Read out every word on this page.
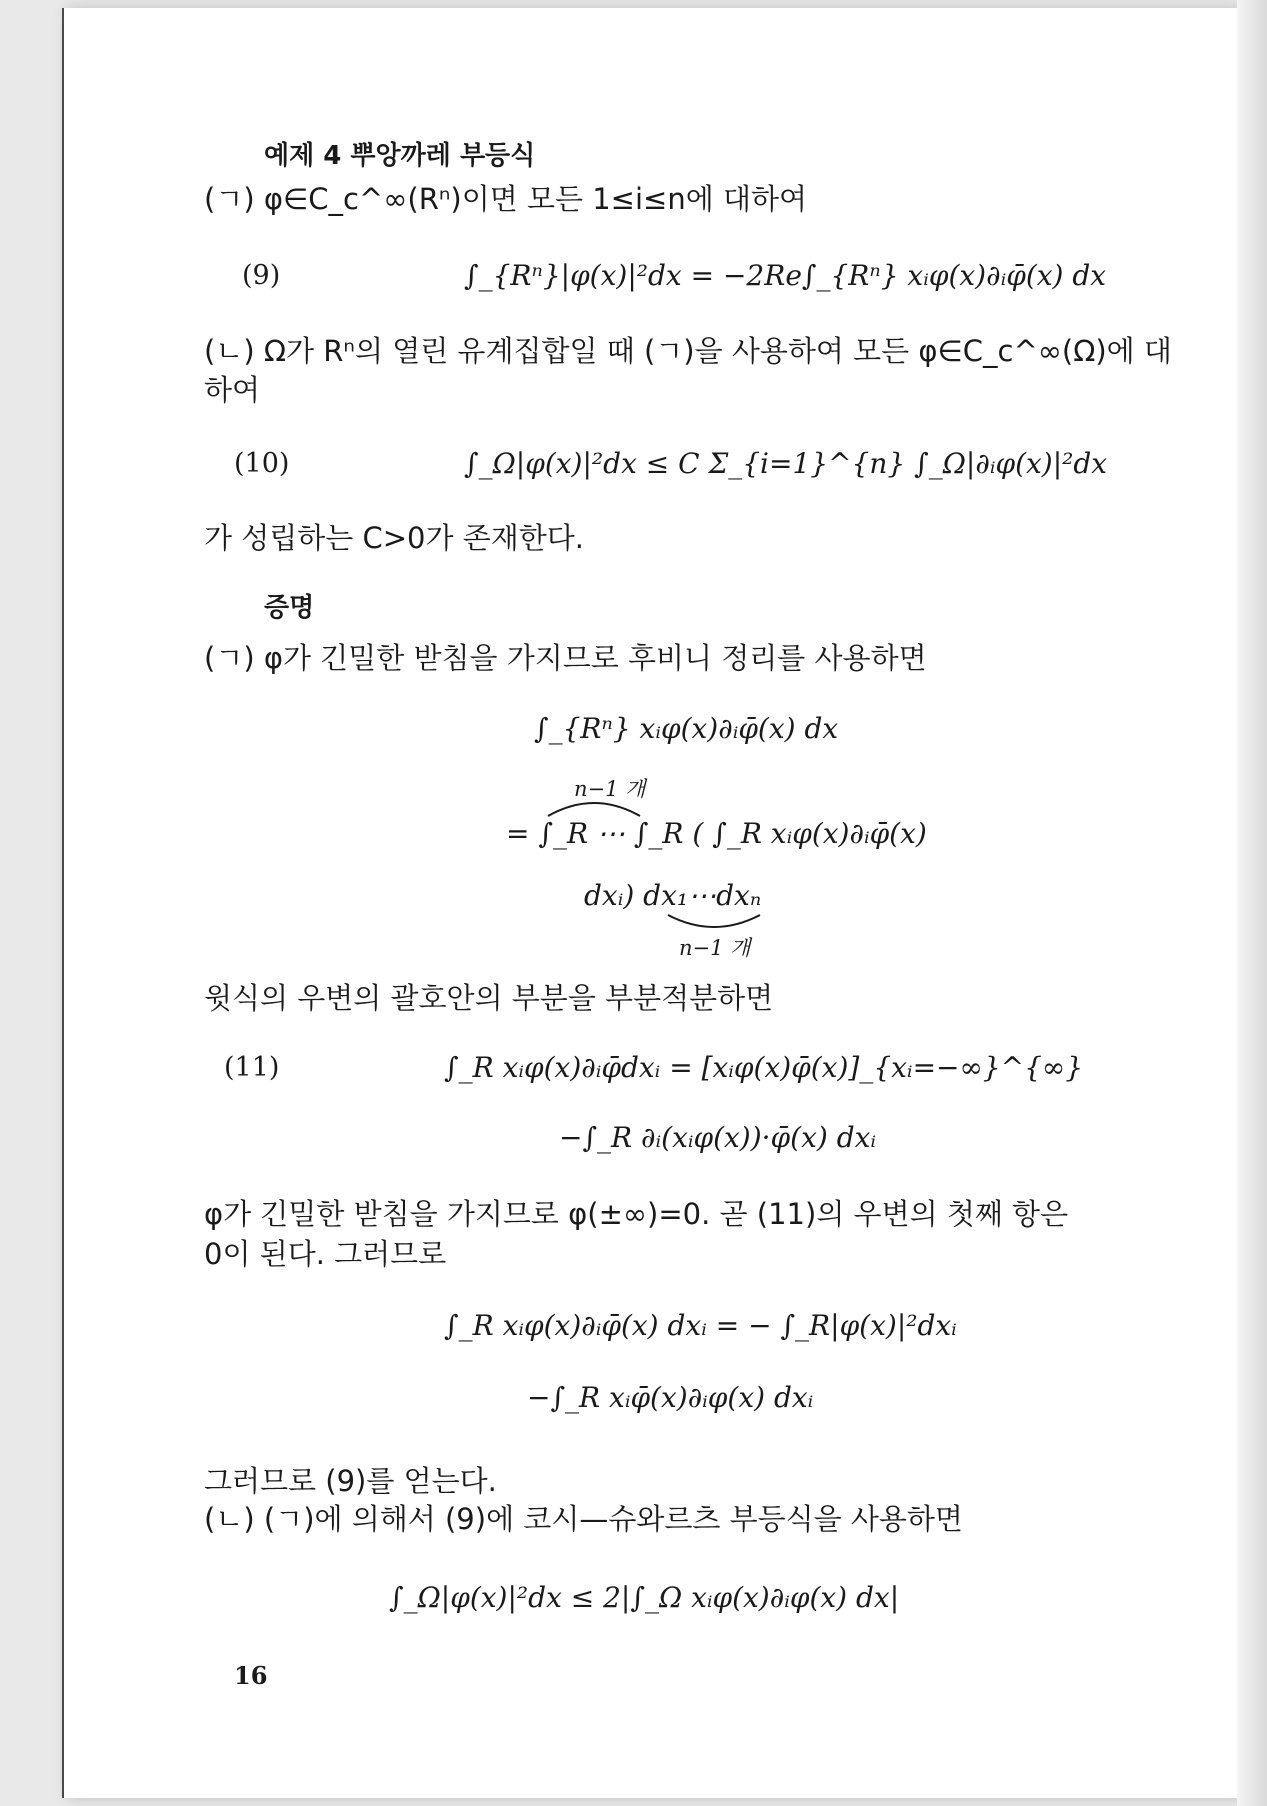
예제 4 뿌앙까레 부등식
(ㄱ) φ∈C_c^∞(Rⁿ)이면 모든 1≤i≤n에 대하여
(9)	∫_{Rⁿ}|φ(x)|²dx = −2Re∫_{Rⁿ} xᵢφ(x)∂ᵢφ̄(x) dx
(ㄴ) Ω가 Rⁿ의 열린 유계집합일 때 (ㄱ)을 사용하여 모든 φ∈C_c^∞(Ω)에 대
하여
(10)	∫_Ω|φ(x)|²dx ≤ C Σ_{i=1}^{n} ∫_Ω|∂ᵢφ(x)|²dx
가 성립하는 C>0가 존재한다.
증명
(ㄱ) φ가 긴밀한 받침을 가지므로 후비니 정리를 사용하면
∫_{Rⁿ} xᵢφ(x)∂ᵢφ̄(x) dx
n−1 개
= ∫_R ⋯ ∫_R ( ∫_R xᵢφ(x)∂ᵢφ̄(x)
dxᵢ) dx₁⋯dxₙ
n−1 개
윗식의 우변의 괄호안의 부분을 부분적분하면
(11)	∫_R xᵢφ(x)∂ᵢφ̄dxᵢ = [xᵢφ(x)φ̄(x)]_{xᵢ=−∞}^{∞}
−∫_R ∂ᵢ(xᵢφ(x))·φ̄(x) dxᵢ
φ가 긴밀한 받침을 가지므로 φ(±∞)=0. 곧 (11)의 우변의 첫째 항은
0이 된다. 그러므로
∫_R xᵢφ(x)∂ᵢφ̄(x) dxᵢ = − ∫_R|φ(x)|²dxᵢ
−∫_R xᵢφ̄(x)∂ᵢφ(x) dxᵢ
그러므로 (9)를 얻는다.
(ㄴ) (ㄱ)에 의해서 (9)에 코시—슈와르츠 부등식을 사용하면
∫_Ω|φ(x)|²dx ≤ 2|∫_Ω xᵢφ(x)∂ᵢφ(x) dx|
16
